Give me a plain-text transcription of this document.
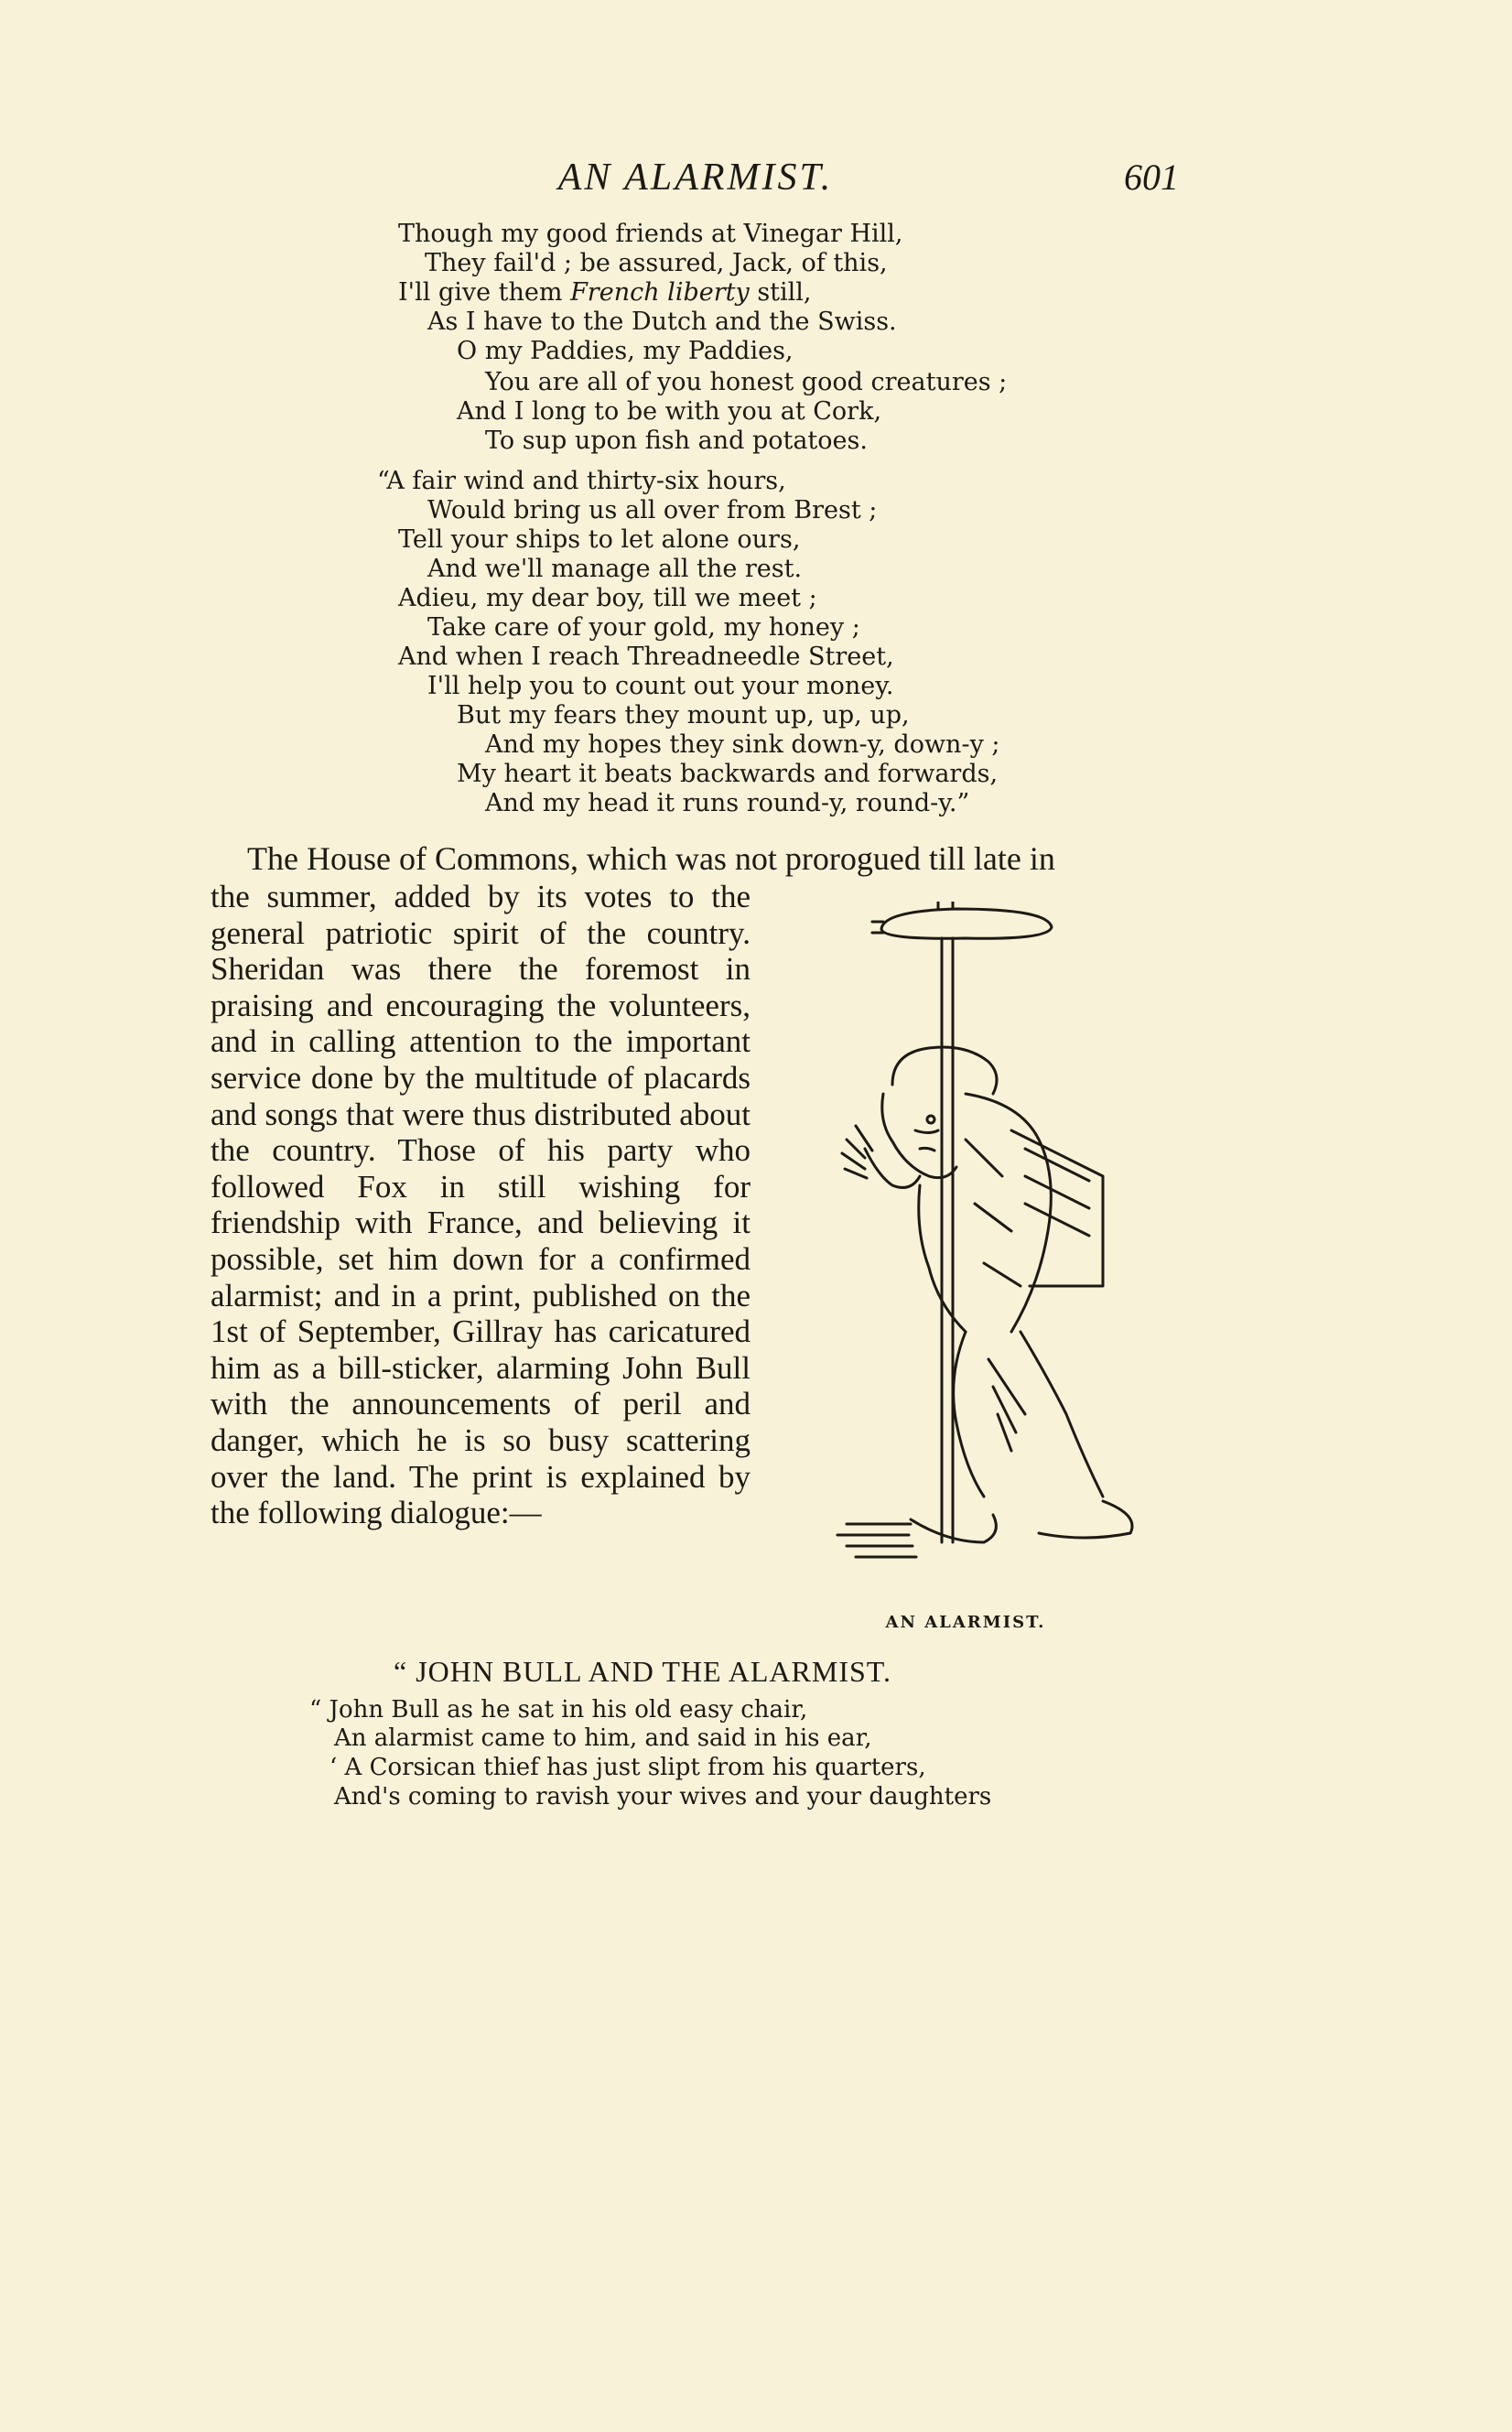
AN ALARMIST.	601
Though my good friends at Vinegar Hill,
They fail'd ; be assured, Jack, of this,
I'll give them French liberty still,
As I have to the Dutch and the Swiss.
O my Paddies, my Paddies,
You are all of you honest good creatures ;
And I long to be with you at Cork,
To sup upon fish and potatoes.
“A fair wind and thirty-six hours,
Would bring us all over from Brest ;
Tell your ships to let alone ours,
And we'll manage all the rest.
Adieu, my dear boy, till we meet ;
Take care of your gold, my honey ;
And when I reach Threadneedle Street,
I'll help you to count out your money.
But my fears they mount up, up, up,
And my hopes they sink down-y, down-y ;
My heart it beats backwards and forwards,
And my head it runs round-y, round-y.”
The House of Commons, which was not prorogued till late in
the summer, added by its votes to the general patriotic spirit of the country. Sheridan was there the foremost in praising and encouraging the volunteers, and in calling attention to the important service done by the multitude of placards and songs that were thus distributed about the country. Those of his party who followed Fox in still wishing for friendship with France, and believing it possible, set him down for a confirmed alarmist; and in a print, published on the 1st of September, Gillray has caricatured him as a bill-sticker, alarming John Bull with the announcements of peril and danger, which he is so busy scattering over the land. The print is explained by the following dialogue:—
AN ALARMIST.
“ JOHN BULL AND THE ALARMIST.
“ John Bull as he sat in his old easy chair,
An alarmist came to him, and said in his ear,
‘ A Corsican thief has just slipt from his quarters,
And's coming to ravish your wives and your daughters
